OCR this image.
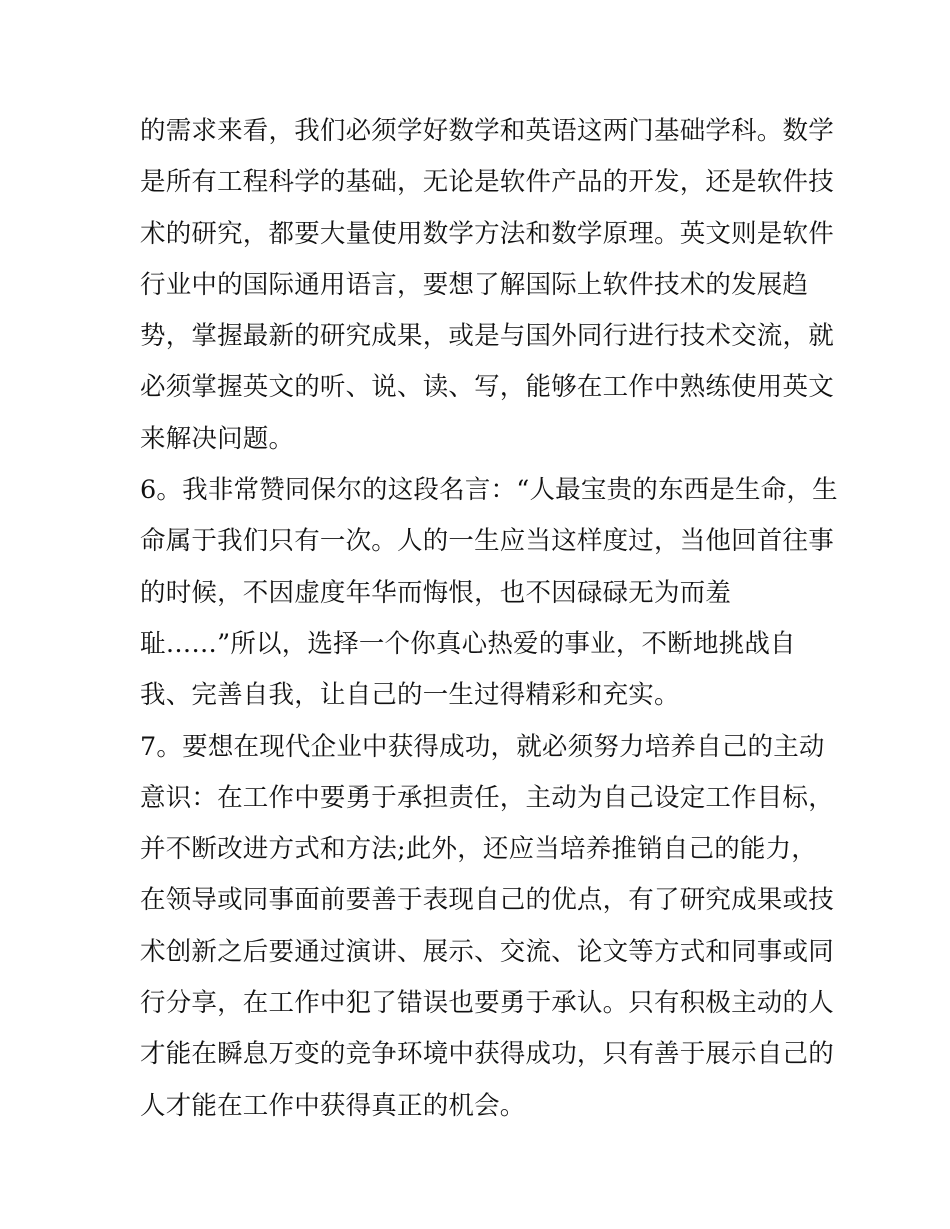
的需求来看，我们必须学好数学和英语这两门基础学科。数学
是所有工程科学的基础，无论是软件产品的开发，还是软件技
术的研究，都要大量使用数学方法和数学原理。英文则是软件
行业中的国际通用语言，要想了解国际上软件技术的发展趋
势，掌握最新的研究成果，或是与国外同行进行技术交流，就
必须掌握英文的听、说、读、写，能够在工作中熟练使用英文
来解决问题。
6。我非常赞同保尔的这段名言：“人最宝贵的东西是生命，生
命属于我们只有一次。人的一生应当这样度过，当他回首往事
的时候，不因虚度年华而悔恨，也不因碌碌无为而羞
耻……”所以，选择一个你真心热爱的事业，不断地挑战自
我、完善自我，让自己的一生过得精彩和充实。
7。要想在现代企业中获得成功，就必须努力培养自己的主动
意识：在工作中要勇于承担责任，主动为自己设定工作目标，
并不断改进方式和方法;此外，还应当培养推销自己的能力，
在领导或同事面前要善于表现自己的优点，有了研究成果或技
术创新之后要通过演讲、展示、交流、论文等方式和同事或同
行分享，在工作中犯了错误也要勇于承认。只有积极主动的人
才能在瞬息万变的竞争环境中获得成功，只有善于展示自己的
人才能在工作中获得真正的机会。
